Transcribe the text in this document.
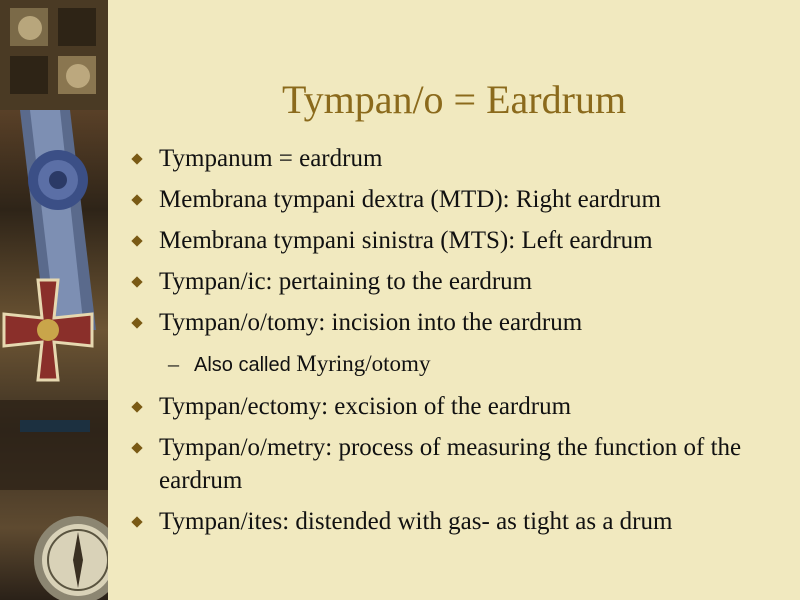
Tympan/o = Eardrum
Tympanum = eardrum
Membrana tympani dextra (MTD): Right eardrum
Membrana tympani sinistra (MTS): Left eardrum
Tympan/ic: pertaining to the eardrum
Tympan/o/tomy: incision into the eardrum
– Also called Myring/otomy
Tympan/ectomy: excision of the eardrum
Tympan/o/metry: process of measuring the function of the eardrum
Tympan/ites: distended with gas- as tight as a drum
